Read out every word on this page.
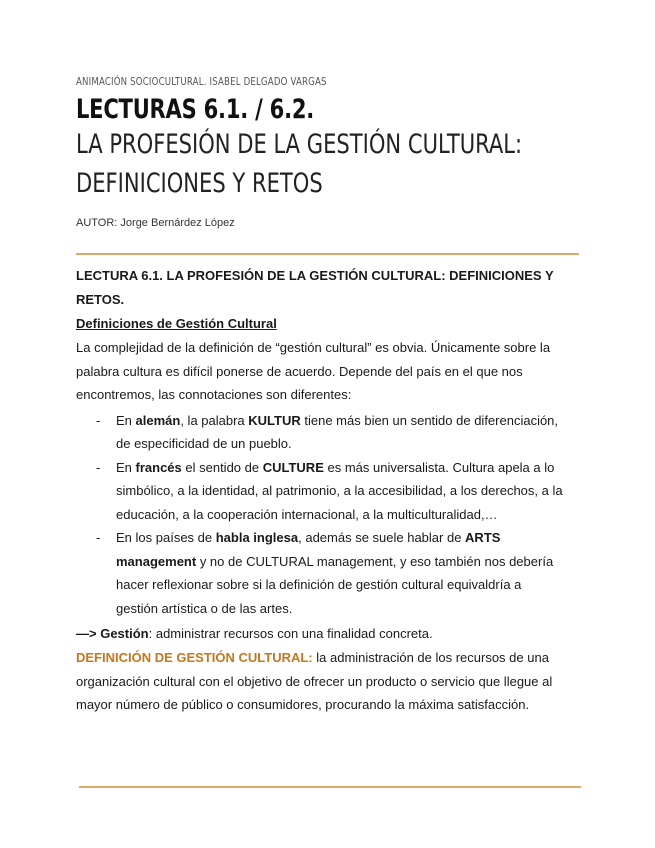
ANIMACIÓN SOCIOCULTURAL. ISABEL DELGADO VARGAS
LECTURAS 6.1. / 6.2.
LA PROFESIÓN DE LA GESTIÓN CULTURAL:
DEFINICIONES Y RETOS
AUTOR: Jorge Bernárdez López
LECTURA 6.1. LA PROFESIÓN DE LA GESTIÓN CULTURAL: DEFINICIONES Y
RETOS.
Definiciones de Gestión Cultural

La complejidad de la definición de “gestión cultural” es obvia. Únicamente sobre la
palabra cultura es difícil ponerse de acuerdo. Depende del país en el que nos
encontremos, las connotaciones son diferentes:

- En alemán, la palabra KULTUR tiene más bien un sentido de diferenciación,
de especificidad de un pueblo.
- En francés el sentido de CULTURE es más universalista. Cultura apela a lo
simbólico, a la identidad, al patrimonio, a la accesibilidad, a los derechos, a la
educación, a la cooperación internacional, a la multiculturalidad,…
- En los países de habla inglesa, además se suele hablar de ARTS
management y no de CULTURAL management, y eso también nos debería
hacer reflexionar sobre si la definición de gestión cultural equivaldría a
gestión artística o de las artes.
—> Gestión: administrar recursos con una finalidad concreta.

DEFINICIÓN DE GESTIÓN CULTURAL: la administración de los recursos de una
organización cultural con el objetivo de ofrecer un producto o servicio que llegue al
mayor número de público o consumidores, procurando la máxima satisfacción.
